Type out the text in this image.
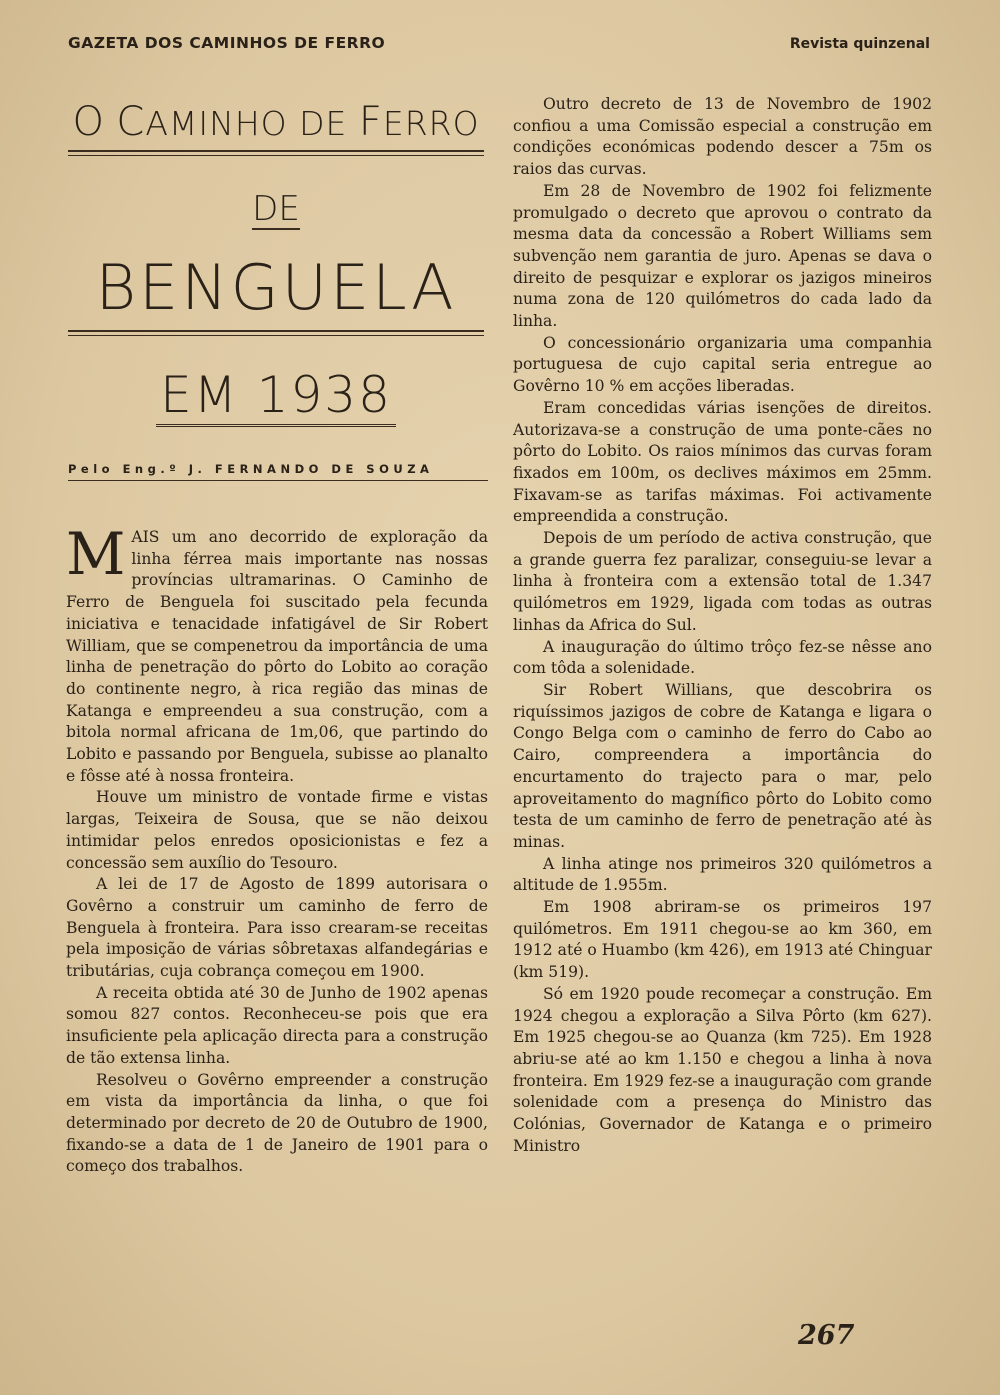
GAZETA DOS CAMINHOS DE FERRO	Revista quinzenal
O CAMINHO DE FERRO
DE
BENGUELA
EM 1938
Pelo Eng.º J. FERNANDO DE SOUZA

MAIS um ano decorrido de exploração da linha férrea mais importante nas nossas províncias ultramarinas. O Caminho de Ferro de Benguela foi suscitado pela fecunda iniciativa e tenacidade infatigável de Sir Robert William, que se compenetrou da importância de uma linha de penetração do pôrto do Lobito ao coração do continente negro, à rica região das minas de Katanga e empreendeu a sua construção, com a bitola normal africana de 1m,06, que partindo do Lobito e passando por Benguela, subisse ao planalto e fôsse até à nossa fronteira.

Houve um ministro de vontade firme e vistas largas, Teixeira de Sousa, que se não deixou intimidar pelos enredos oposicionistas e fez a concessão sem auxílio do Tesouro.

A lei de 17 de Agosto de 1899 autorisara o Govêrno a construir um caminho de ferro de Benguela à fronteira. Para isso crearam-se receitas pela imposição de várias sôbretaxas alfandegárias e tributárias, cuja cobrança começou em 1900.

A receita obtida até 30 de Junho de 1902 apenas somou 827 contos. Reconheceu-se pois que era insuficiente pela aplicação directa para a construção de tão extensa linha.

Resolveu o Govêrno empreender a construção em vista da importância da linha, o que foi determinado por decreto de 20 de Outubro de 1900, fixando-se a data de 1 de Janeiro de 1901 para o começo dos trabalhos.

Outro decreto de 13 de Novembro de 1902 confiou a uma Comissão especial a construção em condições económicas podendo descer a 75m os raios das curvas.

Em 28 de Novembro de 1902 foi felizmente promulgado o decreto que aprovou o contrato da mesma data da concessão a Robert Williams sem subvenção nem garantia de juro. Apenas se dava o direito de pesquizar e explorar os jazigos mineiros numa zona de 120 quilómetros do cada lado da linha.

O concessionário organizaria uma companhia portuguesa de cujo capital seria entregue ao Govêrno 10 % em acções liberadas.

Eram concedidas várias isenções de direitos. Autorizava-se a construção de uma ponte-cães no pôrto do Lobito. Os raios mínimos das curvas foram fixados em 100m, os declives máximos em 25mm. Fixavam-se as tarifas máximas. Foi activamente empreendida a construção.

Depois de um período de activa construção, que a grande guerra fez paralizar, conseguiu-se levar a linha à fronteira com a extensão total de 1.347 quilómetros em 1929, ligada com todas as outras linhas da Africa do Sul.

A inauguração do último trôço fez-se nêsse ano com tôda a solenidade.

Sir Robert Willians, que descobrira os riquíssimos jazigos de cobre de Katanga e ligara o Congo Belga com o caminho de ferro do Cabo ao Cairo, compreendera a importância do encurtamento do trajecto para o mar, pelo aproveitamento do magnífico pôrto do Lobito como testa de um caminho de ferro de penetração até às minas.

A linha atinge nos primeiros 320 quilómetros a altitude de 1.955m.

Em 1908 abriram-se os primeiros 197 quilómetros. Em 1911 chegou-se ao km 360, em 1912 até o Huambo (km 426), em 1913 até Chinguar (km 519).

Só em 1920 poude recomeçar a construção. Em 1924 chegou a exploração a Silva Pôrto (km 627). Em 1925 chegou-se ao Quanza (km 725). Em 1928 abriu-se até ao km 1.150 e chegou a linha à nova fronteira. Em 1929 fez-se a inauguração com grande solenidade com a presença do Ministro das Colónias, Governador de Katanga e o primeiro Ministro

267
